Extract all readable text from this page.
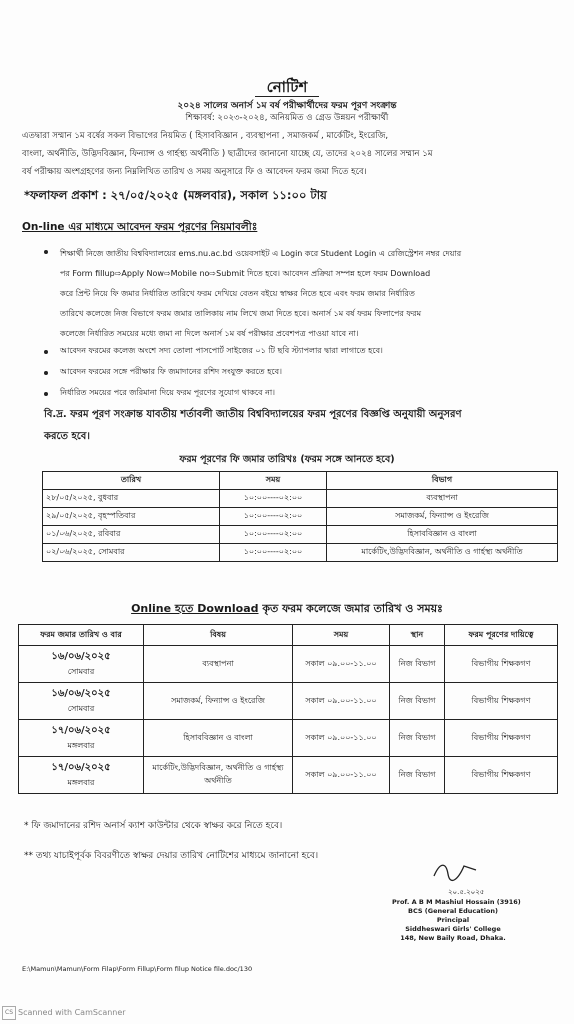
নোটিশ
২০২৪ সালের অনার্স ১ম বর্ষ পরীক্ষার্থীদের ফরম পূরণ সংক্রান্ত
শিক্ষাবর্ষ: ২০২৩-২০২৪, অনিয়মিত ও গ্রেড উন্নয়ন পরীক্ষার্থী
এতদ্বারা সম্মান ১ম বর্ষের সকল বিভাগের নিয়মিত ( হিসাববিজ্ঞান , ব্যবস্থাপনা , সমাজকর্ম , মার্কেটিং, ইংরেজি,
বাংলা, অর্থনীতি, উদ্ভিদবিজ্ঞান, ফিন্যান্স ও গার্হস্থ্য অর্থনীতি ) ছাত্রীদের জানানো যাচ্ছে যে, তাদের ২০২৪ সালের সম্মান ১ম
বর্ষ পরীক্ষায় অংশগ্রহণের জন্য নিম্নলিখিত তারিখ ও সময় অনুসারে ফি ও আবেদন ফরম জমা দিতে হবে।
*ফলাফল প্রকাশ : ২৭/০৫/২০২৫ (মঙ্গলবার), সকাল ১১:০০ টায়
On-line এর মাধ্যমে আবেদন ফরম পূরণের নিয়মাবলীঃ
শিক্ষার্থী নিজে জাতীয় বিশ্ববিদ্যালয়ের ems.nu.ac.bd ওয়েবসাইট এ Login করে Student Login এ রেজিস্ট্রেশন নম্বর দেয়ার
পর Form fillup⇨Apply Now⇨Mobile no⇨Submit দিতে হবে। আবেদন প্রক্রিয়া সম্পন্ন হলে ফরম Download
করে প্রিন্ট নিয়ে ফি জমার নির্ধারিত তারিখে ফরম দেখিয়ে বেতন বইয়ে স্বাক্ষর নিতে হবে এবং ফরম জমার নির্ধারিত
তারিখে কলেজে নিজ বিভাগে ফরম জমার তালিকায় নাম লিখে জমা দিতে হবে। অনার্স ১ম বর্ষ ফরম ফিলাপের ফরম
কলেজে নির্ধারিত সময়ের মধ্যে জমা না দিলে অনার্স ১ম বর্ষ পরীক্ষার প্রবেশপত্র পাওয়া যাবে না।
আবেদন ফরমের কলেজ অংশে সদ্য তোলা পাসপোর্ট সাইজের ০১ টি ছবি স্ট্যাপলার দ্বারা লাগাতে হবে।
আবেদন ফরমের সঙ্গে পরীক্ষার ফি জমাদানের রশিদ সংযুক্ত করতে হবে।
নির্ধারিত সময়ের পরে জরিমানা দিয়ে ফরম পূরণের সুযোগ থাকবে না।
বি.দ্র. ফরম পূরণ সংক্রান্ত যাবতীয় শর্তাবলী জাতীয় বিশ্ববিদ্যালয়ের ফরম পূরণের বিজ্ঞপ্তি অনুযায়ী অনুসরণ
করতে হবে।
ফরম পূরণের ফি জমার তারিখঃ (ফরম সঙ্গে আনতে হবে)
তারিখ	সময়	বিভাগ
২৮/০৫/২০২৫, বুধবার	১০:০০----০২:০০	ব্যবস্থাপনা
২৯/০৫/২০২৫, বৃহস্পতিবার	১০:০০----০২:০০	সমাজকর্ম, ফিন্যান্স ও ইংরেজি
০১/০৬/২০২৫, রবিবার	১০:০০----০২:০০	হিসাববিজ্ঞান ও বাংলা
০২/০৬/২০২৫, সোমবার	১০:০০----০২:০০	মার্কেটিং,উদ্ভিদবিজ্ঞান, অর্থনীতি ও গার্হস্থ্য অর্থনীতি
Online হতে Download কৃত ফরম কলেজে জমার তারিখ ও সময়ঃ
ফরম জমার তারিখ ও বার	বিষয়	সময়	স্থান	ফরম পূরণের দায়িত্বে

১৬/০৬/২০২৫
সোমবার	ব্যবস্থাপনা	সকাল ০৯.০০-১১.০০	নিজ বিভাগ	বিভাগীয় শিক্ষকগণ

১৬/০৬/২০২৫
সোমবার	সমাজকর্ম, ফিন্যান্স ও ইংরেজি	সকাল ০৯.০০-১১.০০	নিজ বিভাগ	বিভাগীয় শিক্ষকগণ

১৭/০৬/২০২৫
মঙ্গলবার	হিসাববিজ্ঞান ও বাংলা	সকাল ০৯.০০-১১.০০	নিজ বিভাগ	বিভাগীয় শিক্ষকগণ

১৭/০৬/২০২৫
মঙ্গলবার	মার্কেটিং,উদ্ভিদবিজ্ঞান, অর্থনীতি ও গার্হস্থ্য অর্থনীতি	সকাল ০৯.০০-১১.০০	নিজ বিভাগ	বিভাগীয় শিক্ষকগণ
* ফি জমাদানের রশিদ অনার্স ক্যাশ কাউন্টার থেকে স্বাক্ষর করে নিতে হবে।
** তথ্য যাচাইপূর্বক বিবরণীতে স্বাক্ষর দেয়ার তারিখ নোটিশের মাধ্যমে জানানো হবে।
২০.৫.২০২৫
Prof. A B M Mashiul Hossain (3916)
BCS (General Education)
Principal
Siddheswari Girls' College
148, New Baily Road, Dhaka.
E:\Mamun\Mamun\Form Filap\Form Fillup\Form filup Notice file.doc/130
CS Scanned with CamScanner
